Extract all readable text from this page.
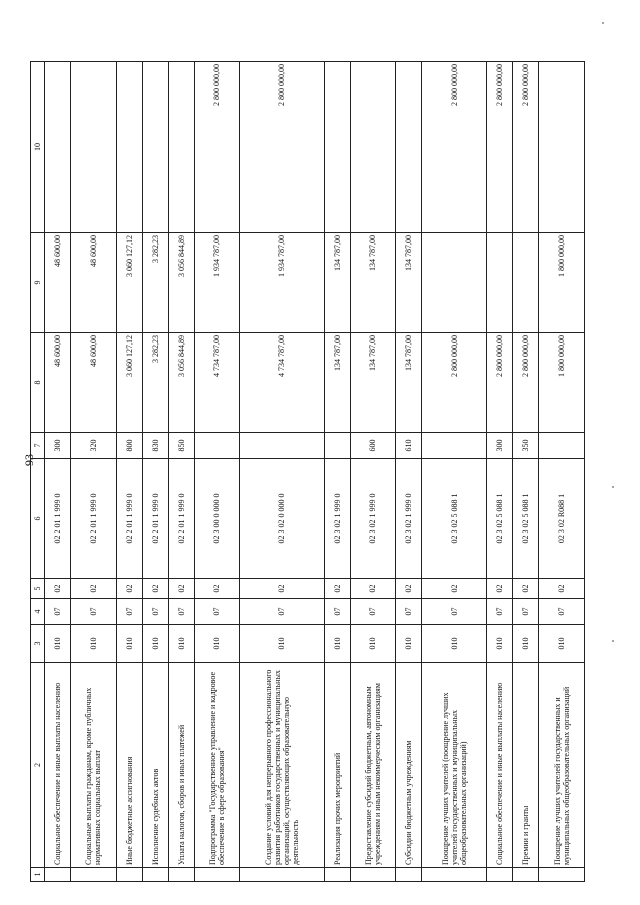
93
1	2	3	4	5	6	7	8	9	10
	Социальное обеспечение и иные выплаты населению	010	07	02	02 2 01 1 999 0	300	48 600,00	48 600,00	
	Социальные выплаты гражданам, кроме публичных нормативных социальных выплат	010	07	02	02 2 01 1 999 0	320	48 600,00	48 600,00	
	Иные бюджетные ассигнования	010	07	02	02 2 01 1 999 0	800	3 060 127,12	3 060 127,12	
	Исполнение судебных актов	010	07	02	02 2 01 1 999 0	830	3 282,23	3 282,23	
	Уплата налогов, сборов и иных платежей	010	07	02	02 2 01 1 999 0	850	3 056 844,89	3 056 844,89	
	Подпрограмма "Государственное управление и кадровое обеспечение в сфере образования"	010	07	02	02 3 00 0 000 0		4 734 787,00	1 934 787,00	2 800 000,00
	Создание условий для непрерывного профессионального развития работников государственных и муниципальных организаций, осуществляющих образовательную деятельность	010	07	02	02 3 02 0 000 0		4 734 787,00	1 934 787,00	2 800 000,00
	Реализация прочих мероприятий	010	07	02	02 3 02 1 999 0		134 787,00	134 787,00	
	Предоставление субсидий бюджетным, автономным учреждениям и иным некоммерческим организациям	010	07	02	02 3 02 1 999 0	600	134 787,00	134 787,00	
	Субсидии бюджетным учреждениям	010	07	02	02 3 02 1 999 0	610	134 787,00	134 787,00	
	Поощрение лучших учителей (поощрение лучших учителей государственных и муниципальных общеобразовательных организаций)	010	07	02	02 3 02 5 088 1		2 800 000,00		2 800 000,00
	Социальное обеспечение и иные выплаты населению	010	07	02	02 3 02 5 088 1	300	2 800 000,00		2 800 000,00
	Премии и гранты	010	07	02	02 3 02 5 088 1	350	2 800 000,00		2 800 000,00
	Поощрение лучших учителей государственных и муниципальных общеобразовательных организаций	010	07	02	02 3 02 R088 1		1 800 000,00	1 800 000,00	
